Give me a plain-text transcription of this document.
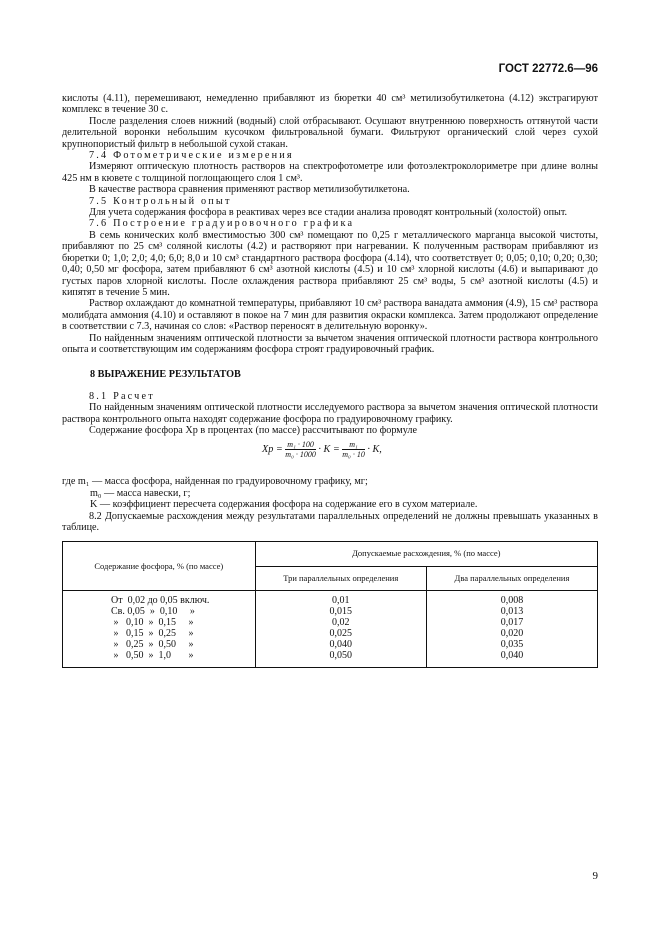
ГОСТ 22772.6—96

кислоты (4.11), перемешивают, немедленно прибавляют из бюретки 40 см³ метилизобутилкетона (4.12) экстрагируют комплекс в течение 30 с.

После разделения слоев нижний (водный) слой отбрасывают. Осушают внутреннюю поверхность оттянутой части делительной воронки небольшим кусочком фильтровальной бумаги. Фильтруют органический слой через сухой крупнопористый фильтр в небольшой сухой стакан.

7.4 Фотометрические измерения

Измеряют оптическую плотность растворов на спектрофотометре или фотоэлектроколориметре при длине волны 425 нм в кювете с толщиной поглощающего слоя 1 см³.

В качестве раствора сравнения применяют раствор метилизобутилкетона.

7.5 Контрольный опыт

Для учета содержания фосфора в реактивах через все стадии анализа проводят контрольный (холостой) опыт.

7.6 Построение градуировочного графика

В семь конических колб вместимостью 300 см³ помещают по 0,25 г металлического марганца высокой чистоты, прибавляют по 25 см³ соляной кислоты (4.2) и растворяют при нагревании. К полученным растворам прибавляют из бюретки 0; 1,0; 2,0; 4,0; 6,0; 8,0 и 10 см³ стандартного раствора фосфора (4.14), что соответствует 0; 0,05; 0,10; 0,20; 0,30; 0,40; 0,50 мг фосфора, затем прибавляют 6 см³ азотной кислоты (4.5) и 10 см³ хлорной кислоты (4.6) и выпаривают до густых паров хлорной кислоты. После охлаждения раствора прибавляют 25 см³ воды, 5 см³ азотной кислоты (4.5) и кипятят в течение 5 мин.

Раствор охлаждают до комнатной температуры, прибавляют 10 см³ раствора ванадата аммония (4.9), 15 см³ раствора молибдата аммония (4.10) и оставляют в покое на 7 мин для развития окраски комплекса. Затем продолжают определение в соответствии с 7.3, начиная со слов: «Раствор переносят в делительную воронку».

По найденным значениям оптической плотности за вычетом значения оптической плотности раствора контрольного опыта и соответствующим им содержаниям фосфора строят градуировочный график.

8 ВЫРАЖЕНИЕ РЕЗУЛЬТАТОВ

8.1 Расчет

По найденным значениям оптической плотности исследуемого раствора за вычетом значения оптической плотности раствора контрольного опыта находят содержание фосфора по градуировочному графику.

Содержание фосфора Xр в процентах (по массе) рассчитывают по формуле

Xр = $\frac{\text{m₁ · 100}}{\text{m₀ · 1000}} \cdot K = \frac{\text{m₁}}{\text{m₀ · 10}} \cdot K$,

где m₁ — масса фосфора, найденная по градуировочному графику, мг;

m₀ — масса навески, г;

K — коэффициент пересчета содержания фосфора на содержание его в сухом материале.

8.2 Допускаемые расхождения между результатами параллельных определений не должны превышать указанных в таблице.

Содержание фосфора, % (по массе)	Допускаемые расхождения, % (по массе)	
	Три параллельных определения	Два параллельных определения
От  0,02 до 0,05 включ.	0,01	0,008
Св. 0,05  »  0,10     »	0,015	0,013
»   0,10  »  0,15     »	0,02	0,017
»   0,15  »  0,25     »	0,025	0,020
»   0,25  »  0,50     »	0,040	0,035
»   0,50  »  1,0       »	0,050	0,040
9
